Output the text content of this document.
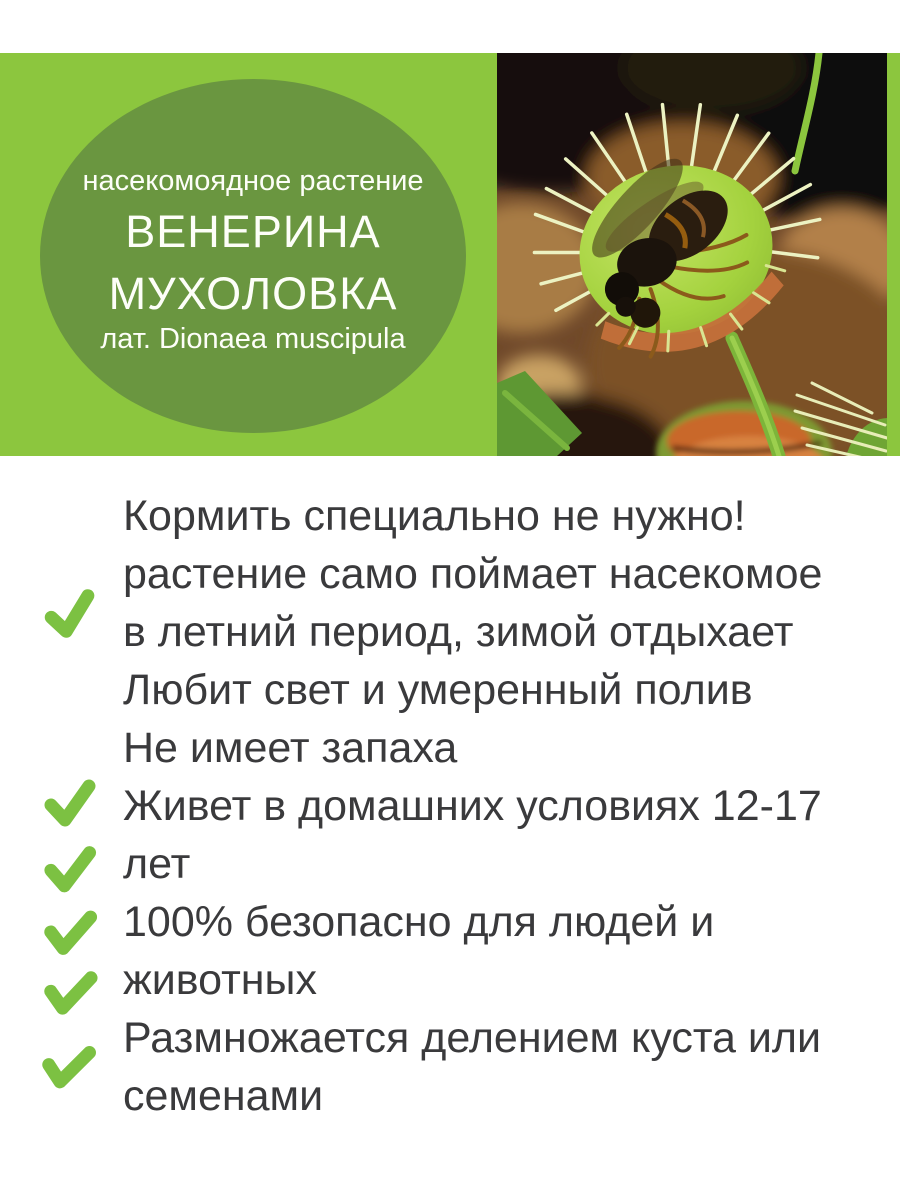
насекомоядное растение
ВЕНЕРИНА
МУХОЛОВКА
лат. Dionaea muscipula
Кормить специально не нужно!
растение само поймает насекомое
в летний период, зимой отдыхает
Любит свет и умеренный полив
Не имеет запаха
Живет в домашних условиях 12-17
лет
100% безопасно для людей и
животных
Размножается делением куста или
семенами
